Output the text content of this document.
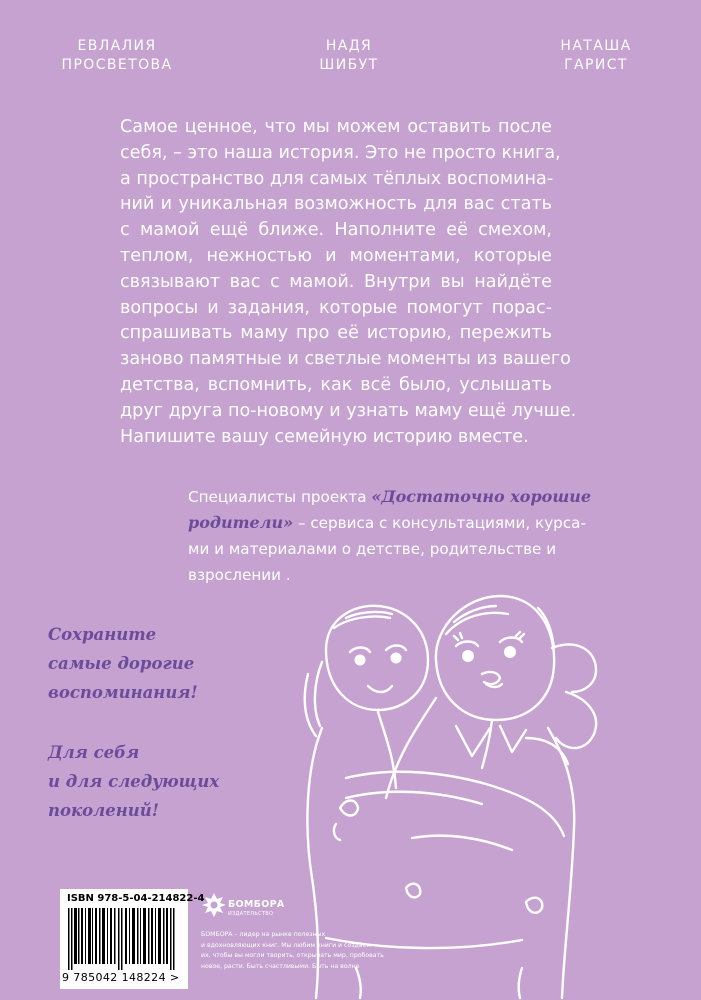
ЕВЛАЛИЯ
ПРОСВЕТОВА
НАДЯ
ШИБУТ
НАТАША
ГАРИСТ
Самое ценное, что мы можем оставить после
себя, – это наша история. Это не просто книга,
а пространство для самых тёплых воспомина-
ний и уникальная возможность для вас стать
с мамой ещё ближе. Наполните её смехом,
теплом, нежностью и моментами, которые
связывают вас с мамой. Внутри вы найдёте
вопросы и задания, которые помогут порас-
спрашивать маму про её историю, пережить
заново памятные и светлые моменты из вашего
детства, вспомнить, как всё было, услышать
друг друга по-новому и узнать маму ещё лучше.
Напишите вашу семейную историю вместе.
Специалисты проекта «Достаточно хорошие
родители» – сервиса с консультациями, курса-
ми и материалами о детстве, родительстве и
взрослении .
Сохраните
самые дорогие
воспоминания!
Для себя
и для следующих
поколений!
ISBN 978-5-04-214822-4
9 785042 148224 >
БОМБОРА
ИЗДАТЕЛЬСТВО
БОМБОРА – лидер на рынке полезных
и вдохновляющих книг. Мы любим книги и создаем
их, чтобы вы могли творить, открывать мир, пробовать
новое, расти. Быть счастливыми. Быть на волне
